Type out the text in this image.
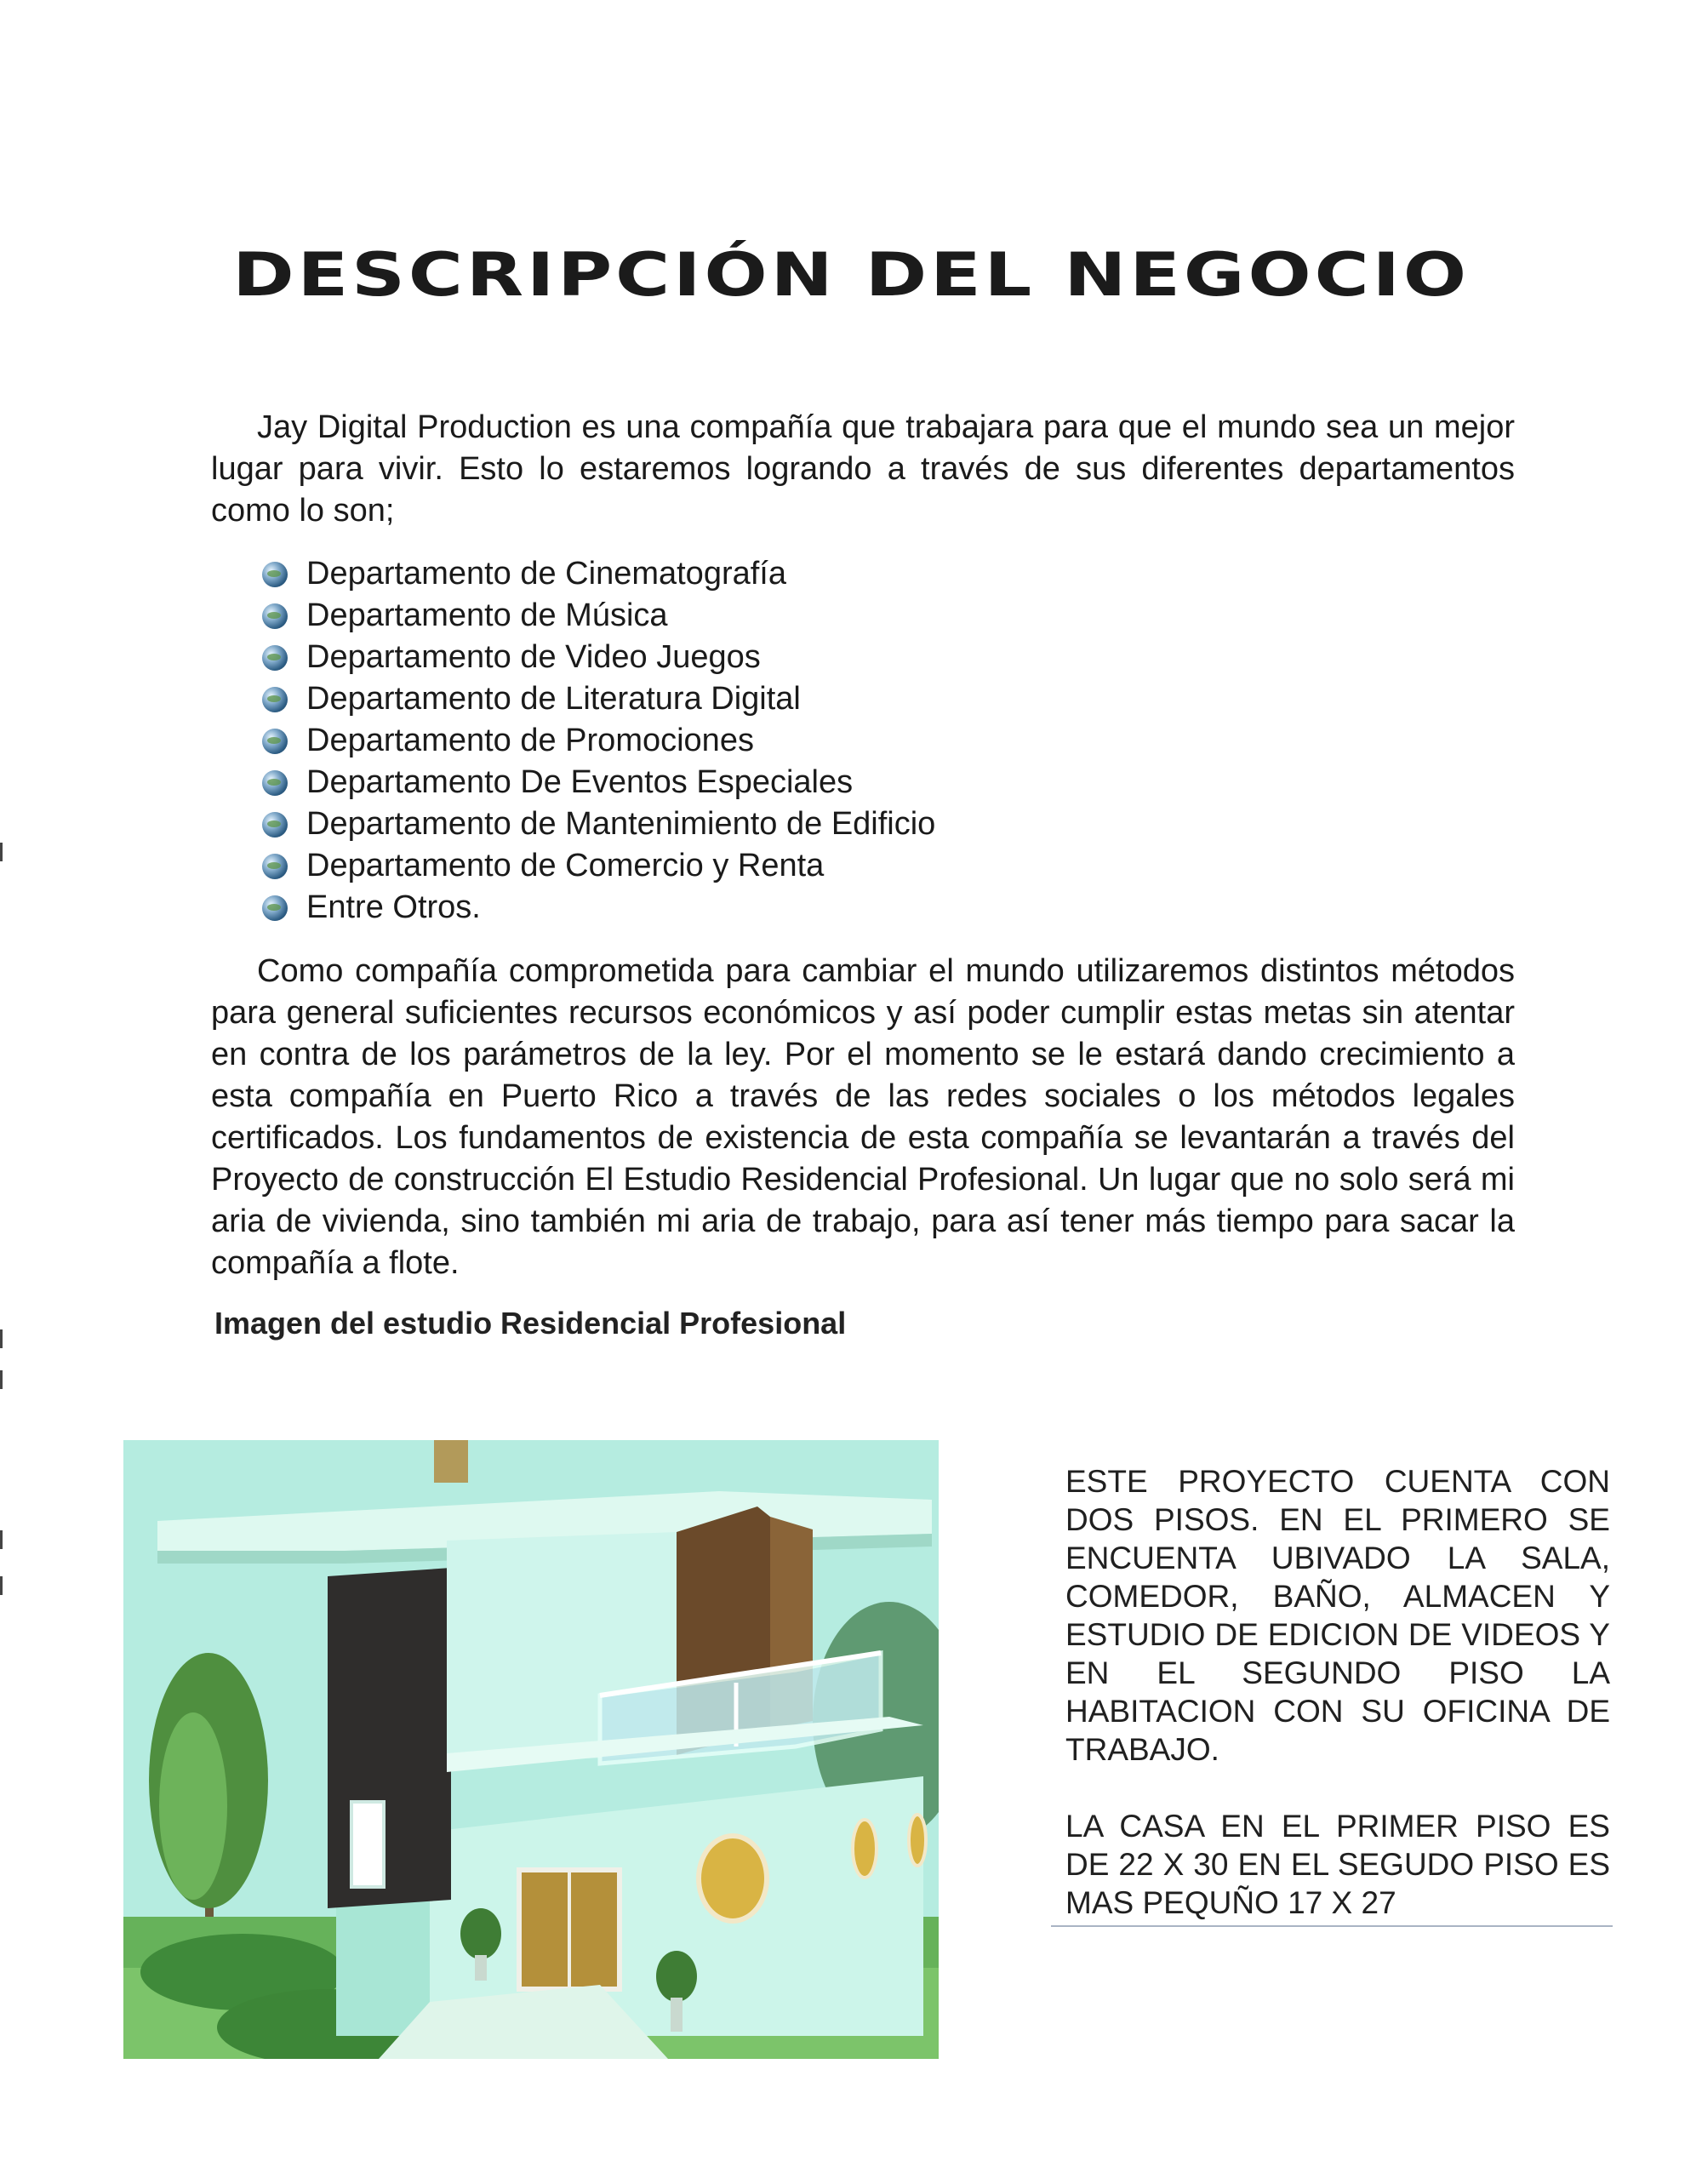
DESCRIPCIÓN DEL NEGOCIO

Jay Digital Production es una compañía que trabajara para que el mundo sea un mejor lugar para vivir. Esto lo estaremos logrando a través de sus diferentes departamentos como lo son;

Departamento de Cinematografía
Departamento de Música
Departamento de Video Juegos
Departamento de Literatura Digital
Departamento de Promociones
Departamento De Eventos Especiales
Departamento de Mantenimiento de Edificio
Departamento de Comercio y Renta
Entre Otros.

Como compañía comprometida para cambiar el mundo utilizaremos distintos métodos para general suficientes recursos económicos y así poder cumplir estas metas sin atentar en contra de los parámetros de la ley. Por el momento se le estará dando crecimiento a esta compañía en Puerto Rico a través de las redes sociales o los métodos legales certificados. Los fundamentos de existencia de esta compañía se levantarán a través del Proyecto de construcción El Estudio Residencial Profesional. Un lugar que no solo será mi aria de vivienda, sino también mi aria de trabajo, para así tener más tiempo para sacar la compañía a flote.

Imagen del estudio Residencial Profesional

ESTE PROYECTO CUENTA CON DOS PISOS. EN EL PRIMERO SE ENCUENTA UBIVADO LA SALA, COMEDOR, BAÑO, ALMACEN Y ESTUDIO DE EDICION DE VIDEOS Y EN EL SEGUNDO PISO LA HABITACION CON SU OFICINA DE TRABAJO.

LA CASA EN EL PRIMER PISO ES DE 22 X 30 EN EL SEGUDO PISO ES MAS PEQUÑO 17 X 27
